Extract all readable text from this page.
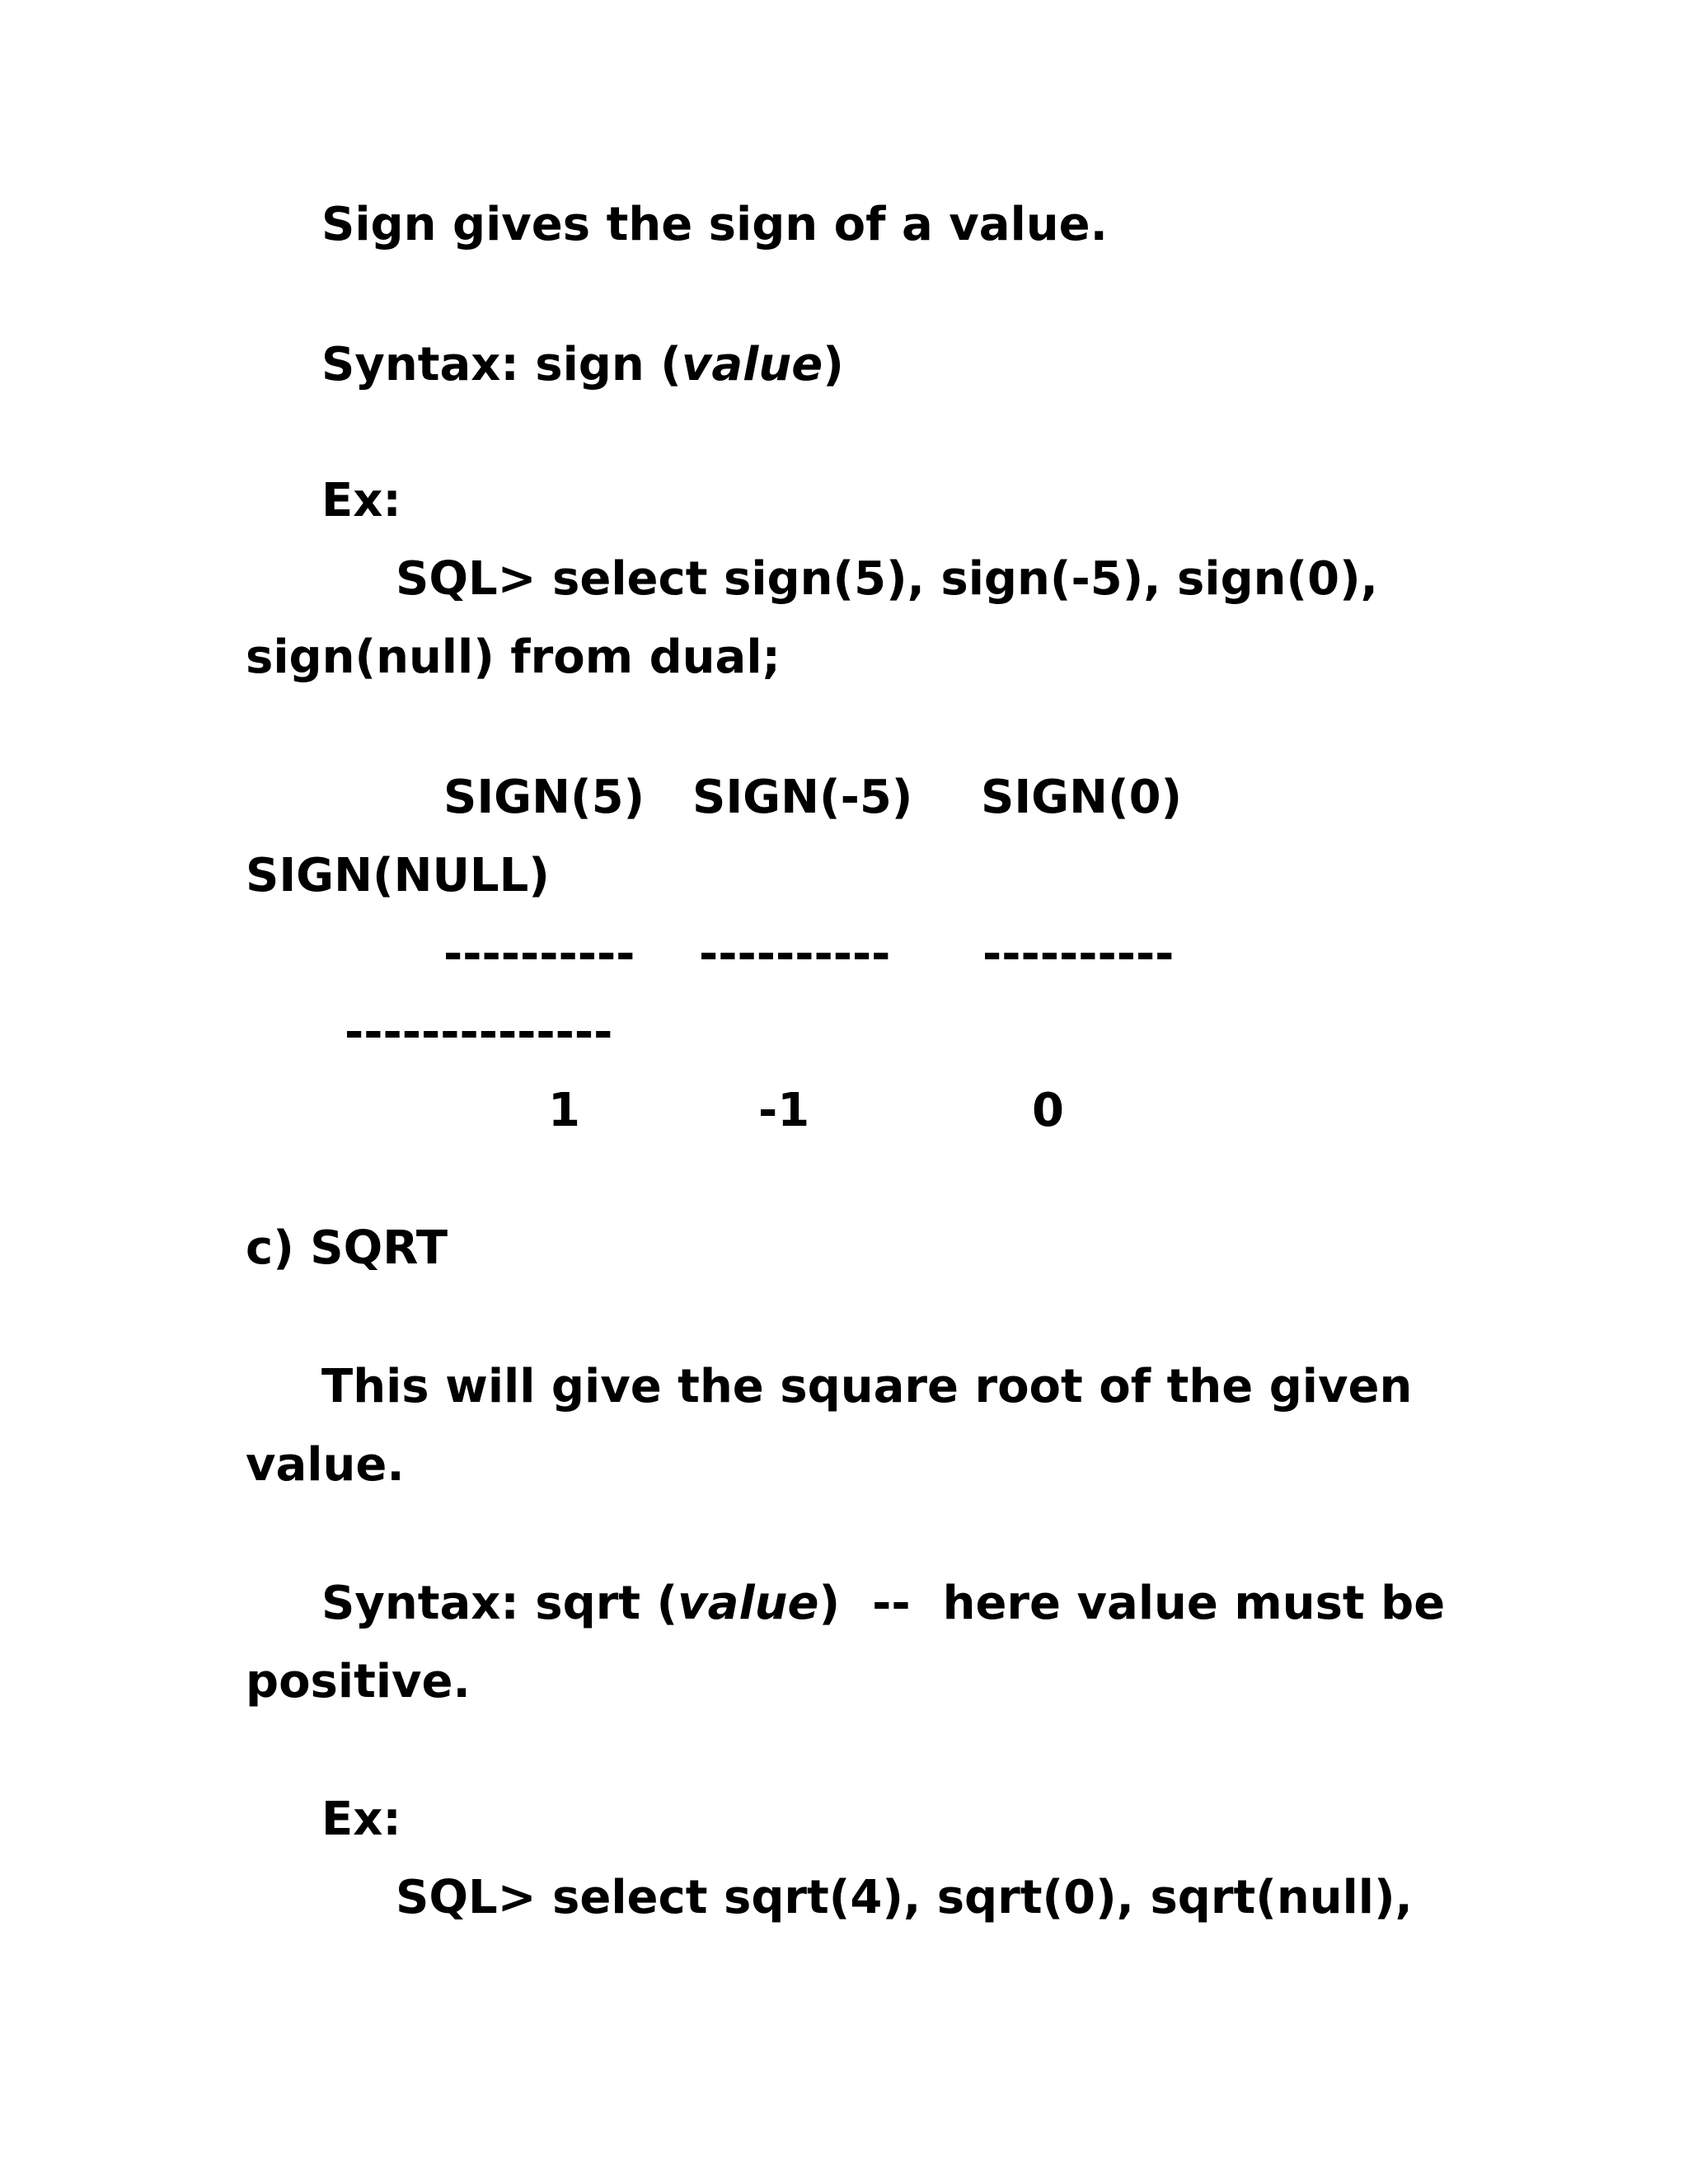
Sign gives the sign of a value.

Syntax: sign (value)

Ex:

SQL> select sign(5), sign(-5), sign(0),

sign(null) from dual;

SIGN(5) SIGN(-5) SIGN(0)

SIGN(NULL)

---------- ---------- ----------

--------------

1	-1	0

c) SQRT

This will give the square root of the given

value.

Syntax: sqrt (value)  --  here value must be

positive.

Ex:

SQL> select sqrt(4), sqrt(0), sqrt(null),
